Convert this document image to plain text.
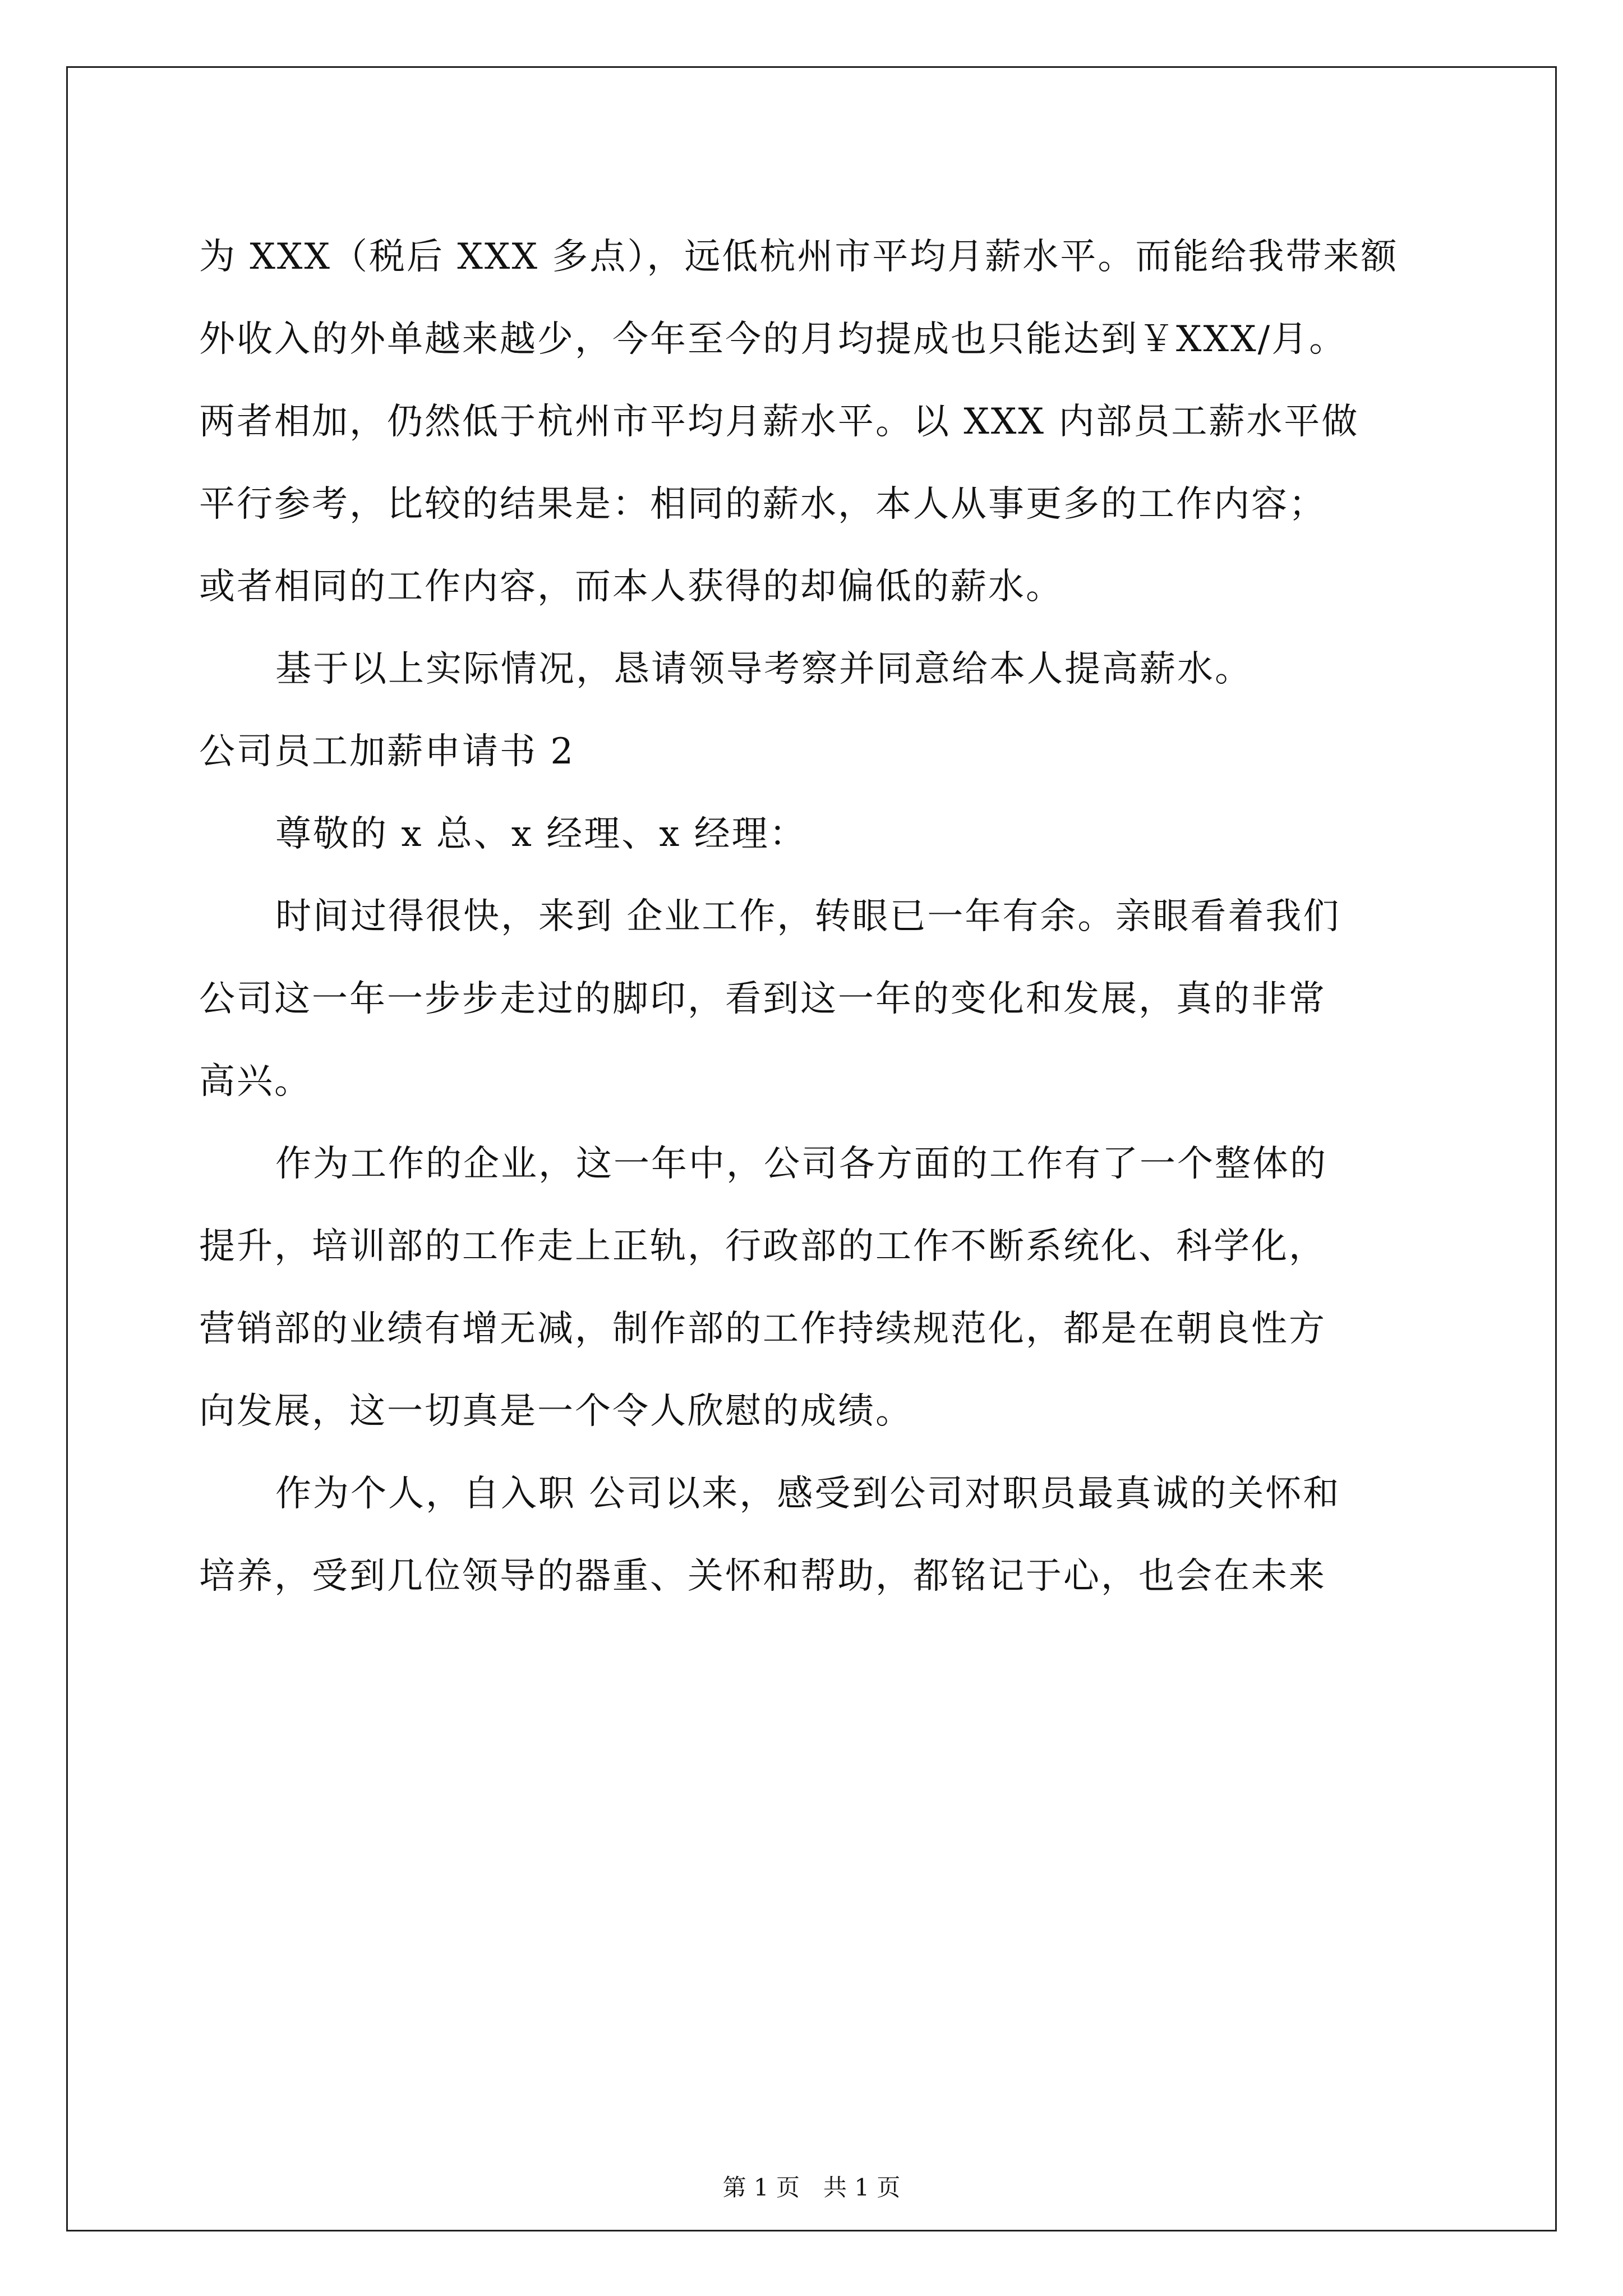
为 XXX（税后 XXX 多点），远低杭州市平均月薪水平。而能给我带来额
外收入的外单越来越少，今年至今的月均提成也只能达到￥XXX/月。
两者相加，仍然低于杭州市平均月薪水平。以 XXX 内部员工薪水平做
平行参考，比较的结果是：相同的薪水，本人从事更多的工作内容；
或者相同的工作内容，而本人获得的却偏低的薪水。
基于以上实际情况，恳请领导考察并同意给本人提高薪水。
公司员工加薪申请书 2
尊敬的 x 总、x 经理、x 经理：
时间过得很快，来到 企业工作，转眼已一年有余。亲眼看着我们
公司这一年一步步走过的脚印，看到这一年的变化和发展，真的非常
高兴。
作为工作的企业，这一年中，公司各方面的工作有了一个整体的
提升，培训部的工作走上正轨，行政部的工作不断系统化、科学化，
营销部的业绩有增无减，制作部的工作持续规范化，都是在朝良性方
向发展，这一切真是一个令人欣慰的成绩。
作为个人，自入职 公司以来，感受到公司对职员最真诚的关怀和
培养，受到几位领导的器重、关怀和帮助，都铭记于心，也会在未来
第 1 页　共 1 页
